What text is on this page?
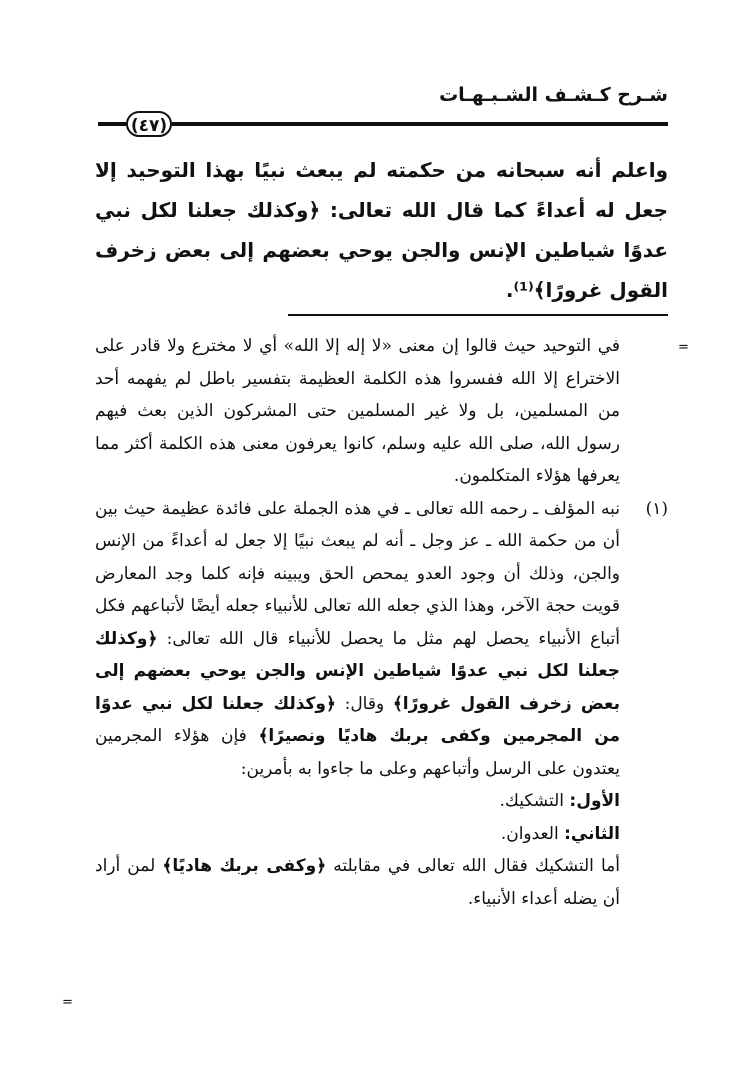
شـرح كـشـف الشـبـهـات
(٤٧)

واعلم أنه سبحانه من حكمته لم يبعث نبيًا بهذا التوحيد إلا جعل له أعداءً كما قال الله تعالى: ﴿وكذلك جعلنا لكل نبي عدوًا شياطين الإنس والجن يوحي بعضهم إلى بعض زخرف القول غرورًا﴾⁽¹⁾.

في التوحيد حيث قالوا إن معنى «لا إله إلا الله» أي لا مخترع ولا قادر على الاختراع إلا الله ففسروا هذه الكلمة العظيمة بتفسير باطل لم يفهمه أحد من المسلمين، بل ولا غير المسلمين حتى المشركون الذين بعث فيهم رسول الله، صلى الله عليه وسلم، كانوا يعرفون معنى هذه الكلمة أكثر مما يعرفها هؤلاء المتكلمون.

(١)
نبه المؤلف ـ رحمه الله تعالى ـ في هذه الجملة على فائدة عظيمة حيث بين أن من حكمة الله ـ عز وجل ـ أنه لم يبعث نبيًا إلا جعل له أعداءً من الإنس والجن، وذلك أن وجود العدو يمحص الحق ويبينه فإنه كلما وجد المعارض قويت حجة الآخر، وهذا الذي جعله الله تعالى للأنبياء جعله أيضًا لأتباعهم فكل أتباع الأنبياء يحصل لهم مثل ما يحصل للأنبياء قال الله تعالى: ﴿وكذلك جعلنا لكل نبي عدوًا شياطين الإنس والجن يوحي بعضهم إلى بعض زخرف القول غرورًا﴾ وقال: ﴿وكذلك جعلنا لكل نبي عدوًا من المجرمين وكفى بربك هاديًا ونصيرًا﴾ فإن هؤلاء المجرمين يعتدون على الرسل وأتباعهم وعلى ما جاءوا به بأمرين:

الأول: التشكيك.

الثاني: العدوان.

أما التشكيك فقال الله تعالى في مقابلته ﴿وكفى بربك هاديًا﴾ لمن أراد أن يضله أعداء الأنبياء.

=
=
